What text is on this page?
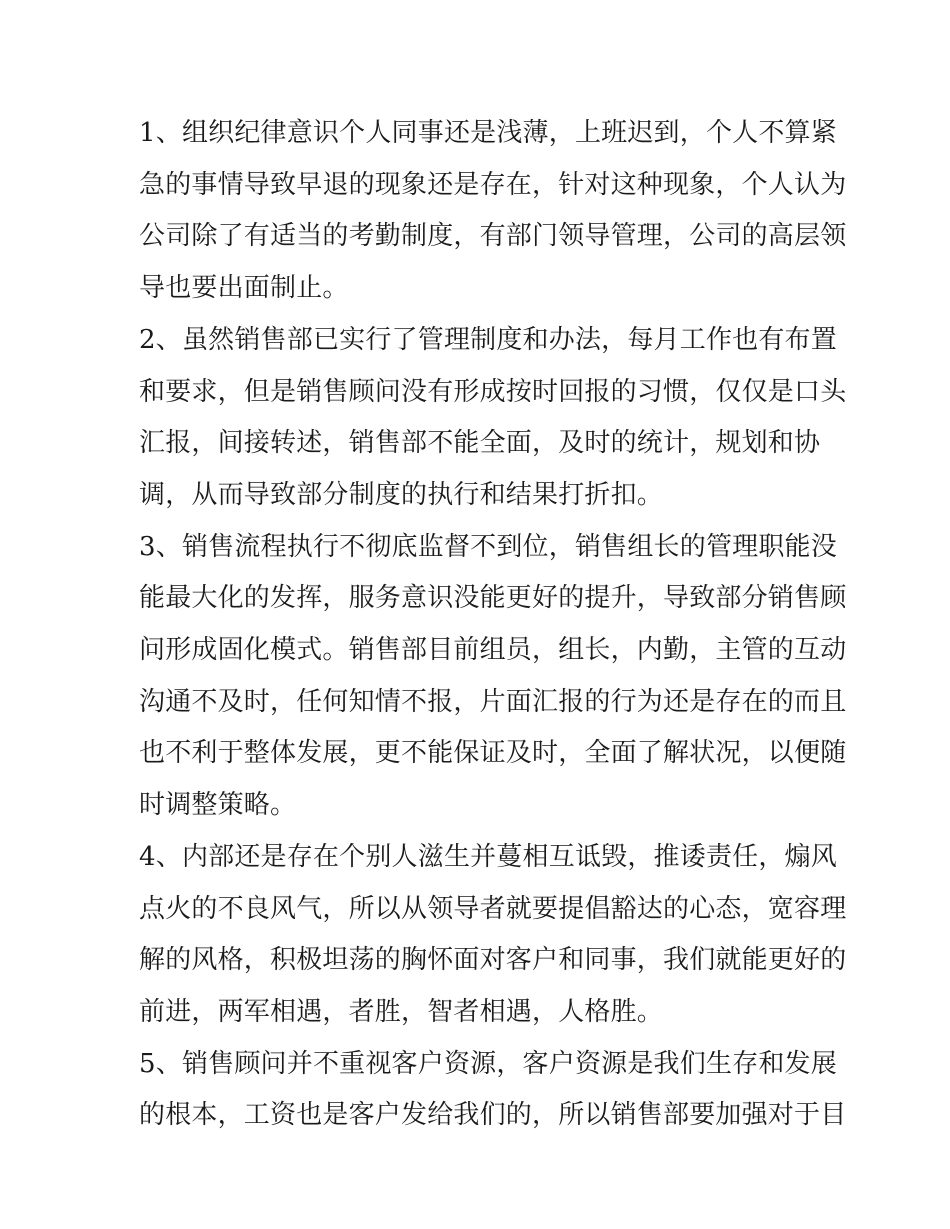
1、组织纪律意识个人同事还是浅薄，上班迟到，个人不算紧
急的事情导致早退的现象还是存在，针对这种现象，个人认为
公司除了有适当的考勤制度，有部门领导管理，公司的高层领
导也要出面制止。

2、虽然销售部已实行了管理制度和办法，每月工作也有布置
和要求，但是销售顾问没有形成按时回报的习惯，仅仅是口头
汇报，间接转述，销售部不能全面，及时的统计，规划和协
调，从而导致部分制度的执行和结果打折扣。

3、销售流程执行不彻底监督不到位，销售组长的管理职能没
能最大化的发挥，服务意识没能更好的提升，导致部分销售顾
问形成固化模式。销售部目前组员，组长，内勤，主管的互动
沟通不及时，任何知情不报，片面汇报的行为还是存在的而且
也不利于整体发展，更不能保证及时，全面了解状况，以便随
时调整策略。

4、内部还是存在个别人滋生并蔓相互诋毁，推诿责任，煽风
点火的不良风气，所以从领导者就要提倡豁达的心态，宽容理
解的风格，积极坦荡的胸怀面对客户和同事，我们就能更好的
前进，两军相遇，者胜，智者相遇，人格胜。

5、销售顾问并不重视客户资源，客户资源是我们生存和发展
的根本，工资也是客户发给我们的，所以销售部要加强对于目
